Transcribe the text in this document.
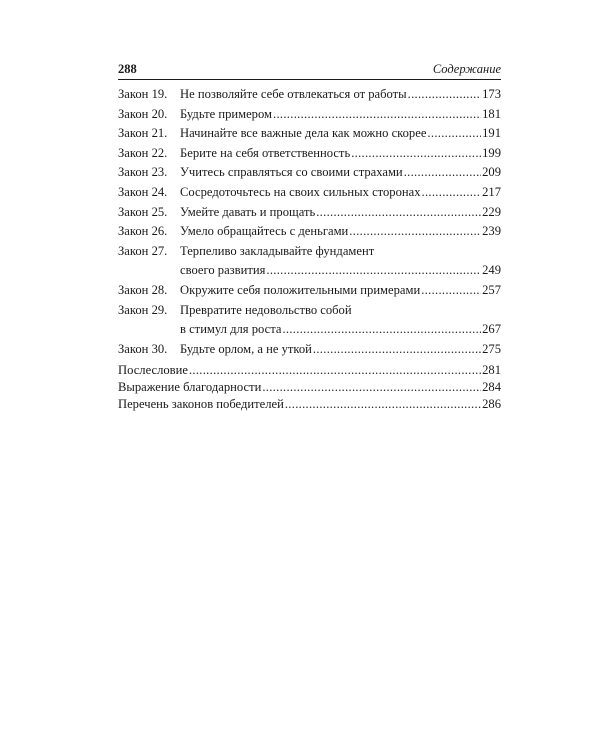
288	Содержание
Закон 19.	Не позволяйте себе отвлекаться от работы .....	173
Закон 20.	Будьте примером .....	181
Закон 21.	Начинайте все важные дела как можно скорее .....	191
Закон 22.	Берите на себя ответственность .....	199
Закон 23.	Учитесь справляться со своими страхами .....	209
Закон 24.	Сосредоточьтесь на своих сильных сторонах .....	217
Закон 25.	Умейте давать и прощать .....	229
Закон 26.	Умело обращайтесь с деньгами .....	239
Закон 27.	Терпеливо закладывайте фундамент
своего развития .....	249
Закон 28.	Окружите себя положительными примерами .....	257
Закон 29.	Превратите недовольство собой
в стимул для роста .....	267
Закон 30.	Будьте орлом, а не уткой .....	275
Послесловие .....	281
Выражение благодарности .....	284
Перечень законов победителей .....	286
